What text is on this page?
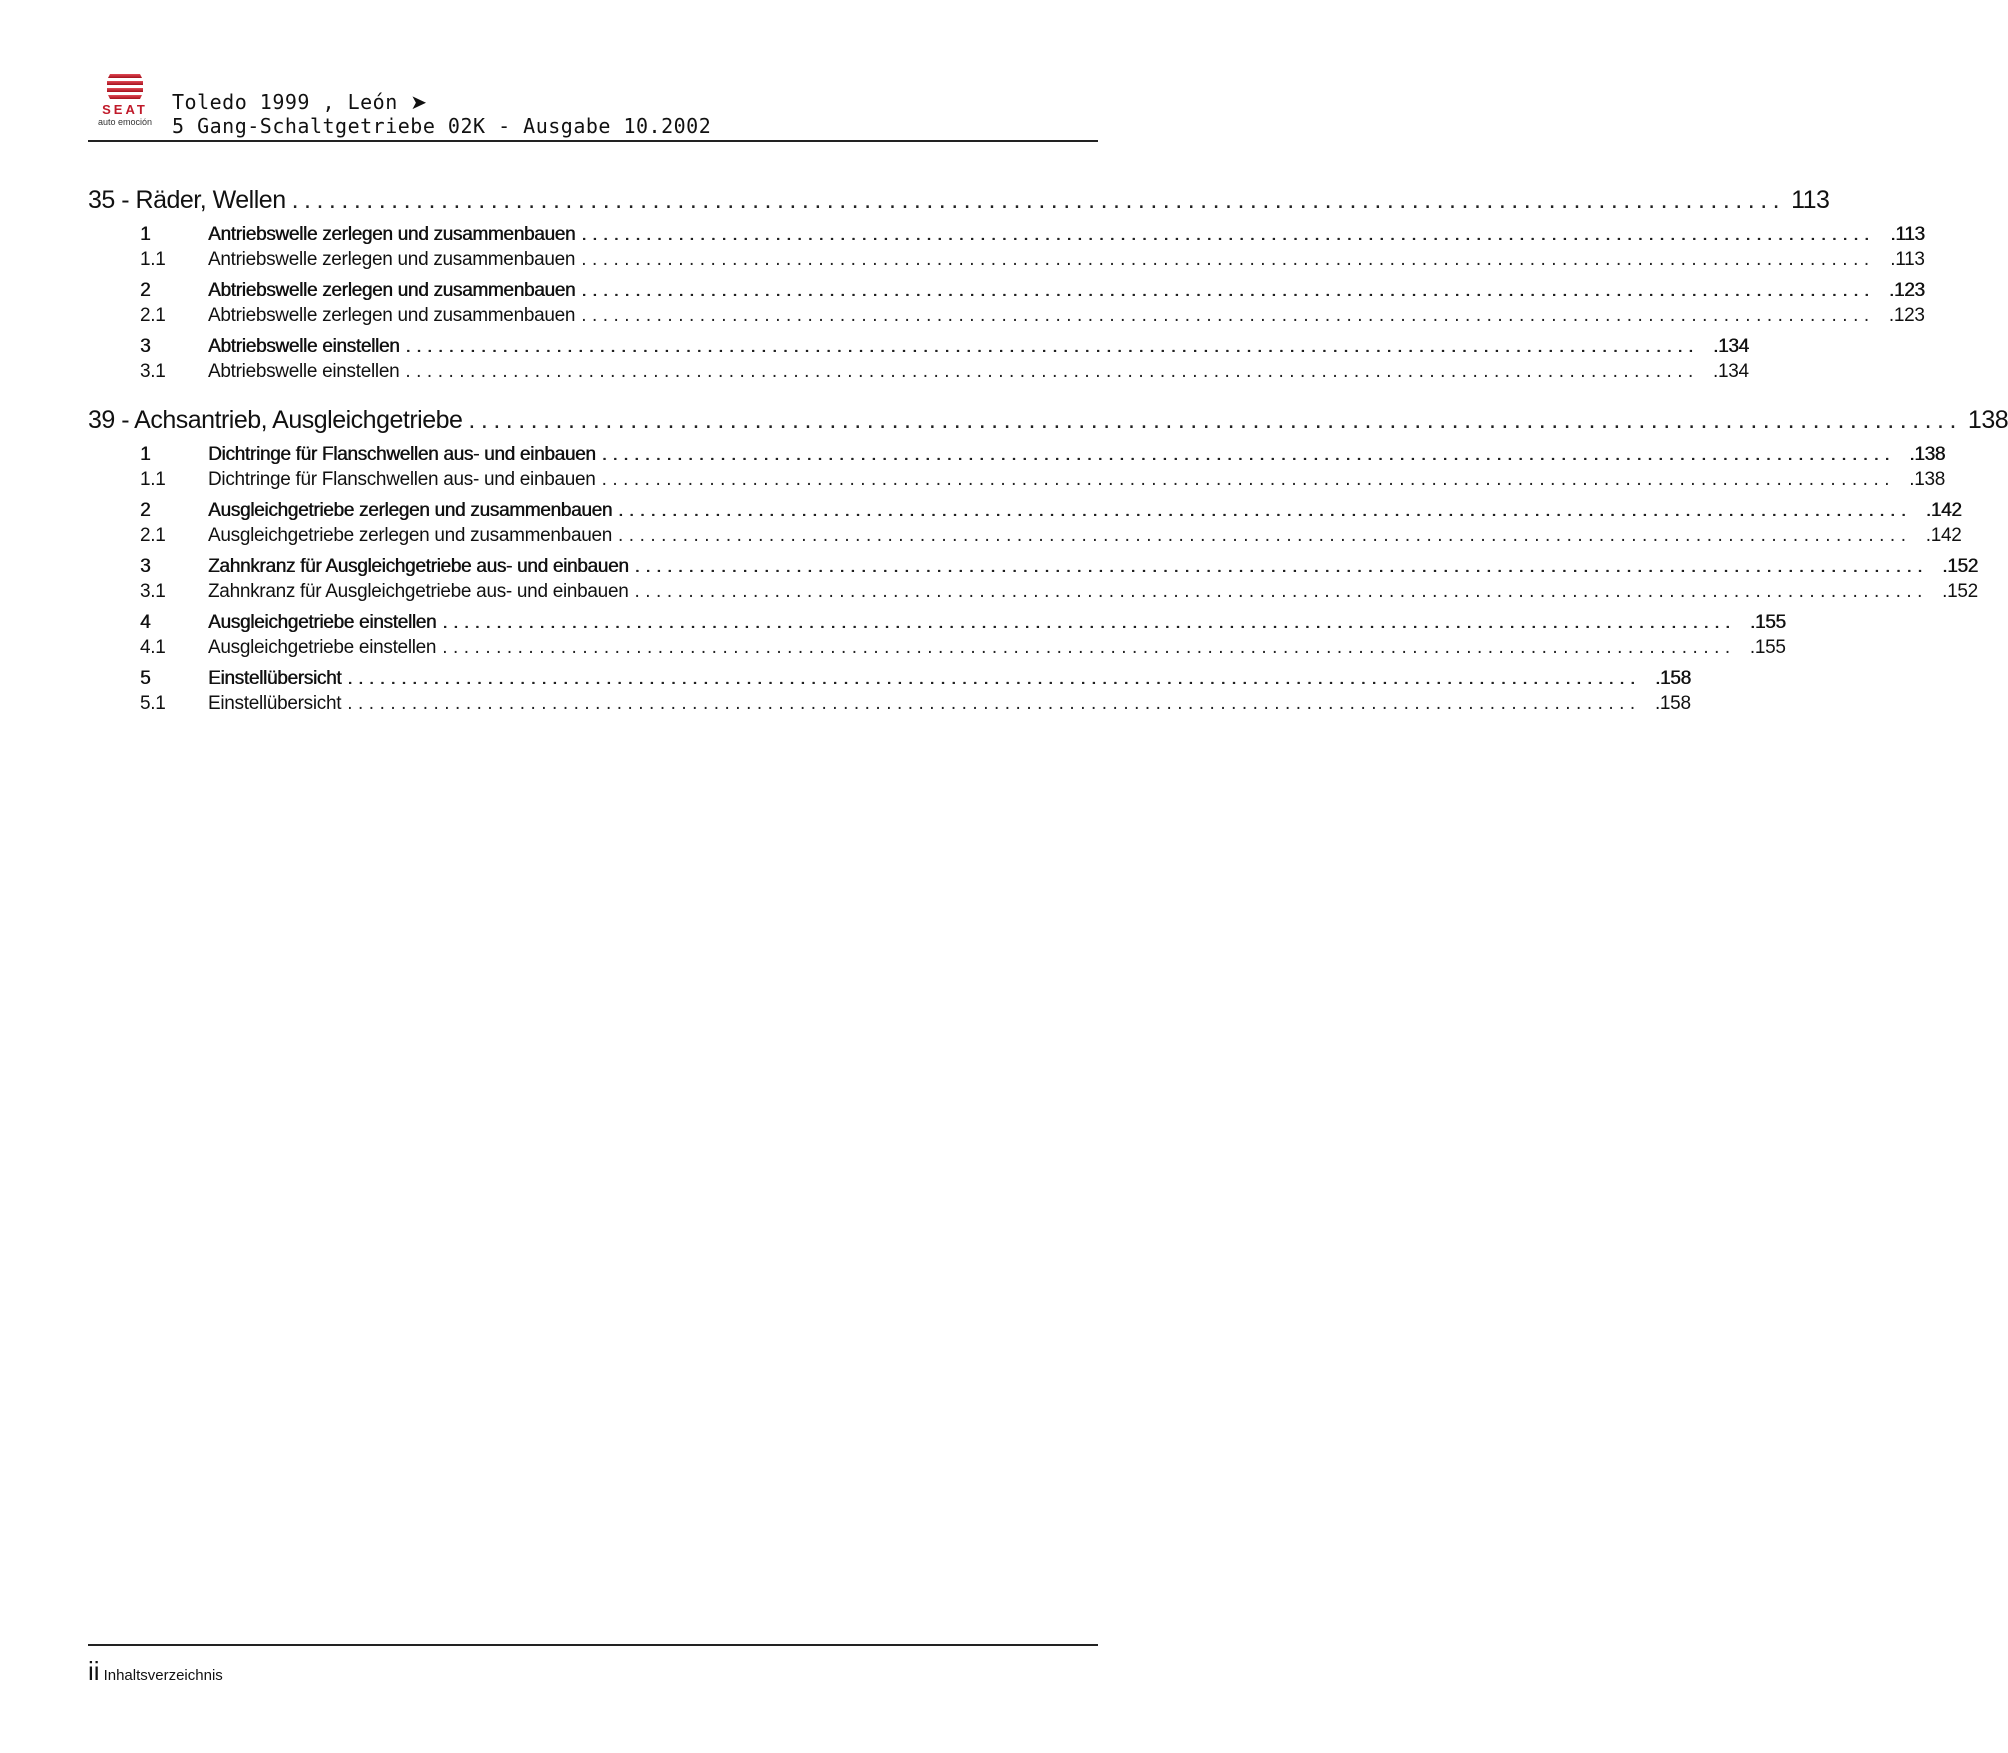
SEAT
auto emoción
Toledo 1999 , León ➤
5 Gang-Schaltgetriebe 02K - Ausgabe 10.2002
35 - Räder, Wellen ........................................................................................................................ 113
1	Antriebswelle zerlegen und zusammenbauen ........................................................................................................................ .113
1.1	Antriebswelle zerlegen und zusammenbauen ........................................................................................................................ .113
2	Abtriebswelle zerlegen und zusammenbauen ........................................................................................................................ .123
2.1	Abtriebswelle zerlegen und zusammenbauen ........................................................................................................................ .123
3	Abtriebswelle einstellen ........................................................................................................................ .134
3.1	Abtriebswelle einstellen ........................................................................................................................ .134
39 - Achsantrieb, Ausgleichgetriebe ........................................................................................................................ 138
1	Dichtringe für Flanschwellen aus- und einbauen ........................................................................................................................ .138
1.1	Dichtringe für Flanschwellen aus- und einbauen ........................................................................................................................ .138
2	Ausgleichgetriebe zerlegen und zusammenbauen ........................................................................................................................ .142
2.1	Ausgleichgetriebe zerlegen und zusammenbauen ........................................................................................................................ .142
3	Zahnkranz für Ausgleichgetriebe aus- und einbauen ........................................................................................................................ .152
3.1	Zahnkranz für Ausgleichgetriebe aus- und einbauen ........................................................................................................................ .152
4	Ausgleichgetriebe einstellen ........................................................................................................................ .155
4.1	Ausgleichgetriebe einstellen ........................................................................................................................ .155
5	Einstellübersicht ........................................................................................................................ .158
5.1	Einstellübersicht ........................................................................................................................ .158
ii Inhaltsverzeichnis
